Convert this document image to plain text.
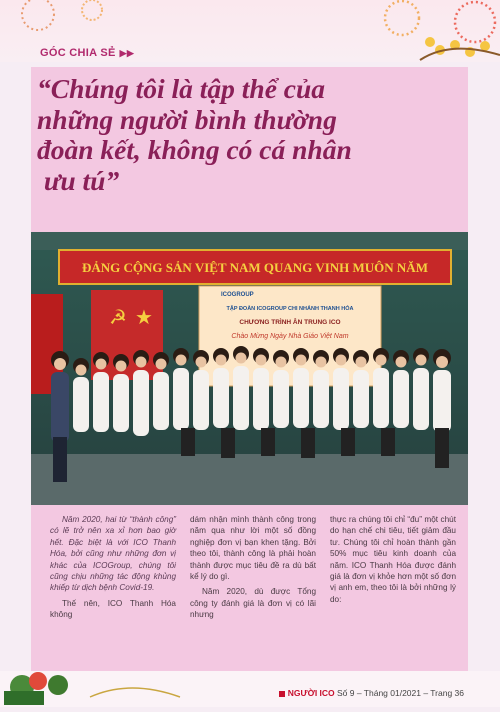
GÓC CHIA SẺ ▶▶
“Chúng tôi là tập thể của
những người bình thường
đoàn kết, không có cá nhân
ưu tú”
ĐẢNG CỘNG SẢN VIỆT NAM QUANG VINH MUÔN NĂM
☭ ★
ICOGROUP
TẬP ĐOÀN ICOGROUP CHI NHÁNH THANH HÓA
CHƯƠNG TRÌNH ÂN TRUNG ICO
Chào Mừng Ngày Nhà Giáo Việt Nam

Năm 2020, hai từ “thành công” có lẽ trở nên xa xỉ hơn bao giờ hết. Đặc biệt là với ICO Thanh Hóa, bởi cũng như những đơn vị khác của ICOGroup, chúng tôi cũng chịu những tác động khủng khiếp từ dịch bệnh Covid-19.

Thế nên, ICO Thanh Hóa không

dám nhận mình thành công trong năm qua như lời một số đồng nghiệp đơn vị bạn khen tặng. Bởi theo tôi, thành công là phải hoàn thành được mục tiêu đề ra dù bất kể lý do gì.

Năm 2020, dù được Tổng công ty đánh giá là đơn vị có lãi nhưng

thực ra chúng tôi chỉ “đu” một chút do hạn chế chi tiêu, tiết giảm đầu tư. Chúng tôi chỉ hoàn thành gần 50% mục tiêu kinh doanh của năm. ICO Thanh Hóa được đánh giá là đơn vị khỏe hơn một số đơn vị anh em, theo tôi là bởi những lý do:

NGƯỜI ICO Số 9 – Tháng 01/2021 – Trang 36
